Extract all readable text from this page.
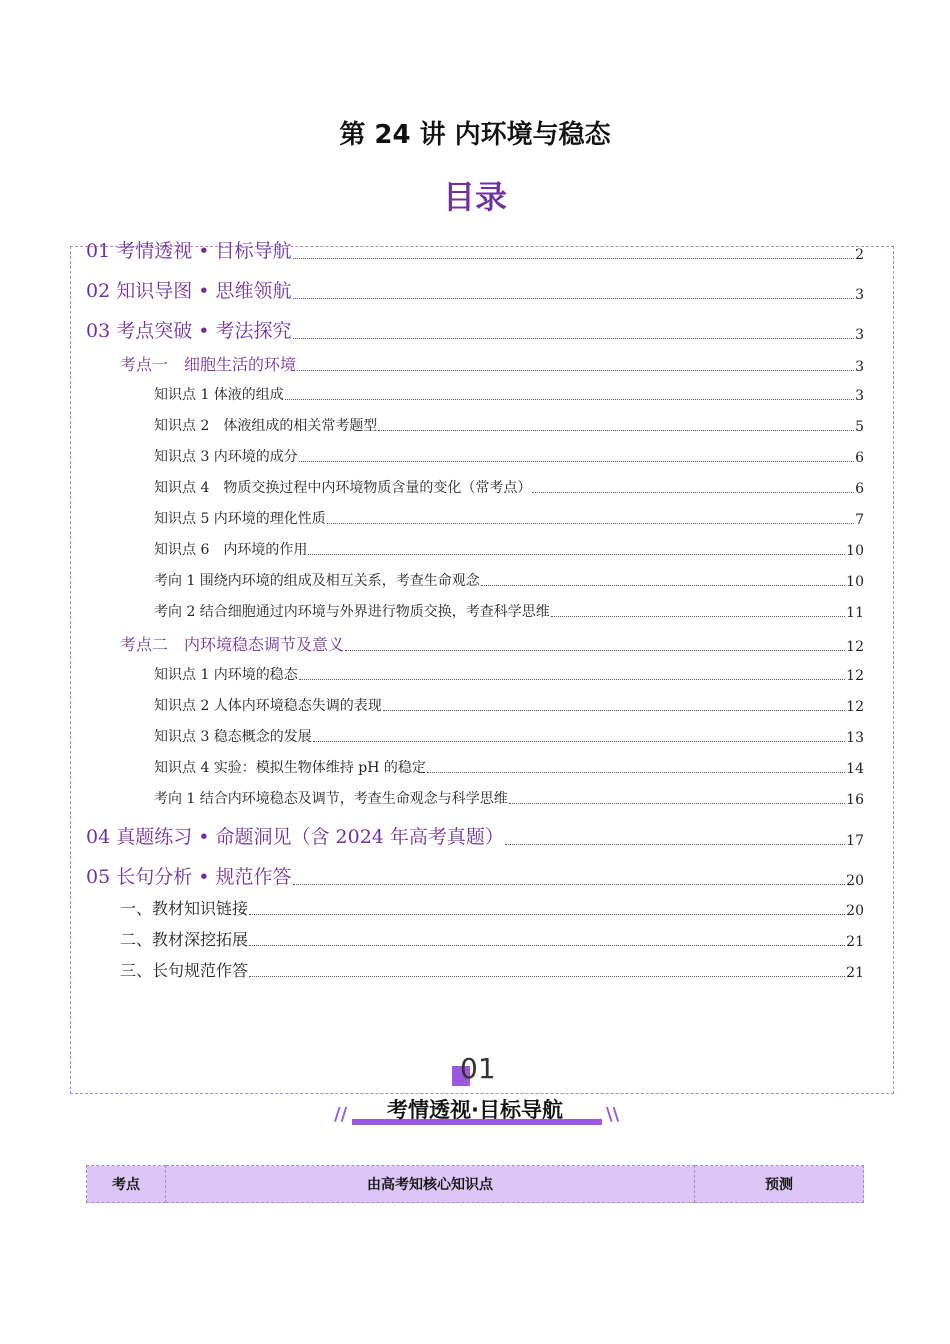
第 24 讲 内环境与稳态
目录
01 考情透视 • 目标导航	2
02 知识导图 • 思维领航	3
03 考点突破 • 考法探究	3
考点一　细胞生活的环境	3
知识点 1 体液的组成	3
知识点 2　体液组成的相关常考题型	5
知识点 3 内环境的成分	6
知识点 4　物质交换过程中内环境物质含量的变化（常考点）	6
知识点 5 内环境的理化性质	7
知识点 6　内环境的作用	10
考向 1 围绕内环境的组成及相互关系，考查生命观念	10
考向 2 结合细胞通过内环境与外界进行物质交换，考查科学思维	11
考点二　内环境稳态调节及意义	12
知识点 1 内环境的稳态	12
知识点 2 人体内环境稳态失调的表现	12
知识点 3 稳态概念的发展	13
知识点 4 实验：模拟生物体维持 pH 的稳定	14
考向 1 结合内环境稳态及调节，考查生命观念与科学思维	16
04 真题练习 • 命题洞见（含 2024 年高考真题）	17
05 长句分析 • 规范作答	20
一、教材知识链接	20
二、教材深挖拓展	21
三、长句规范作答	21
01
//	考情透视·目标导航	\\
考点	由高考知核心知识点	预测
